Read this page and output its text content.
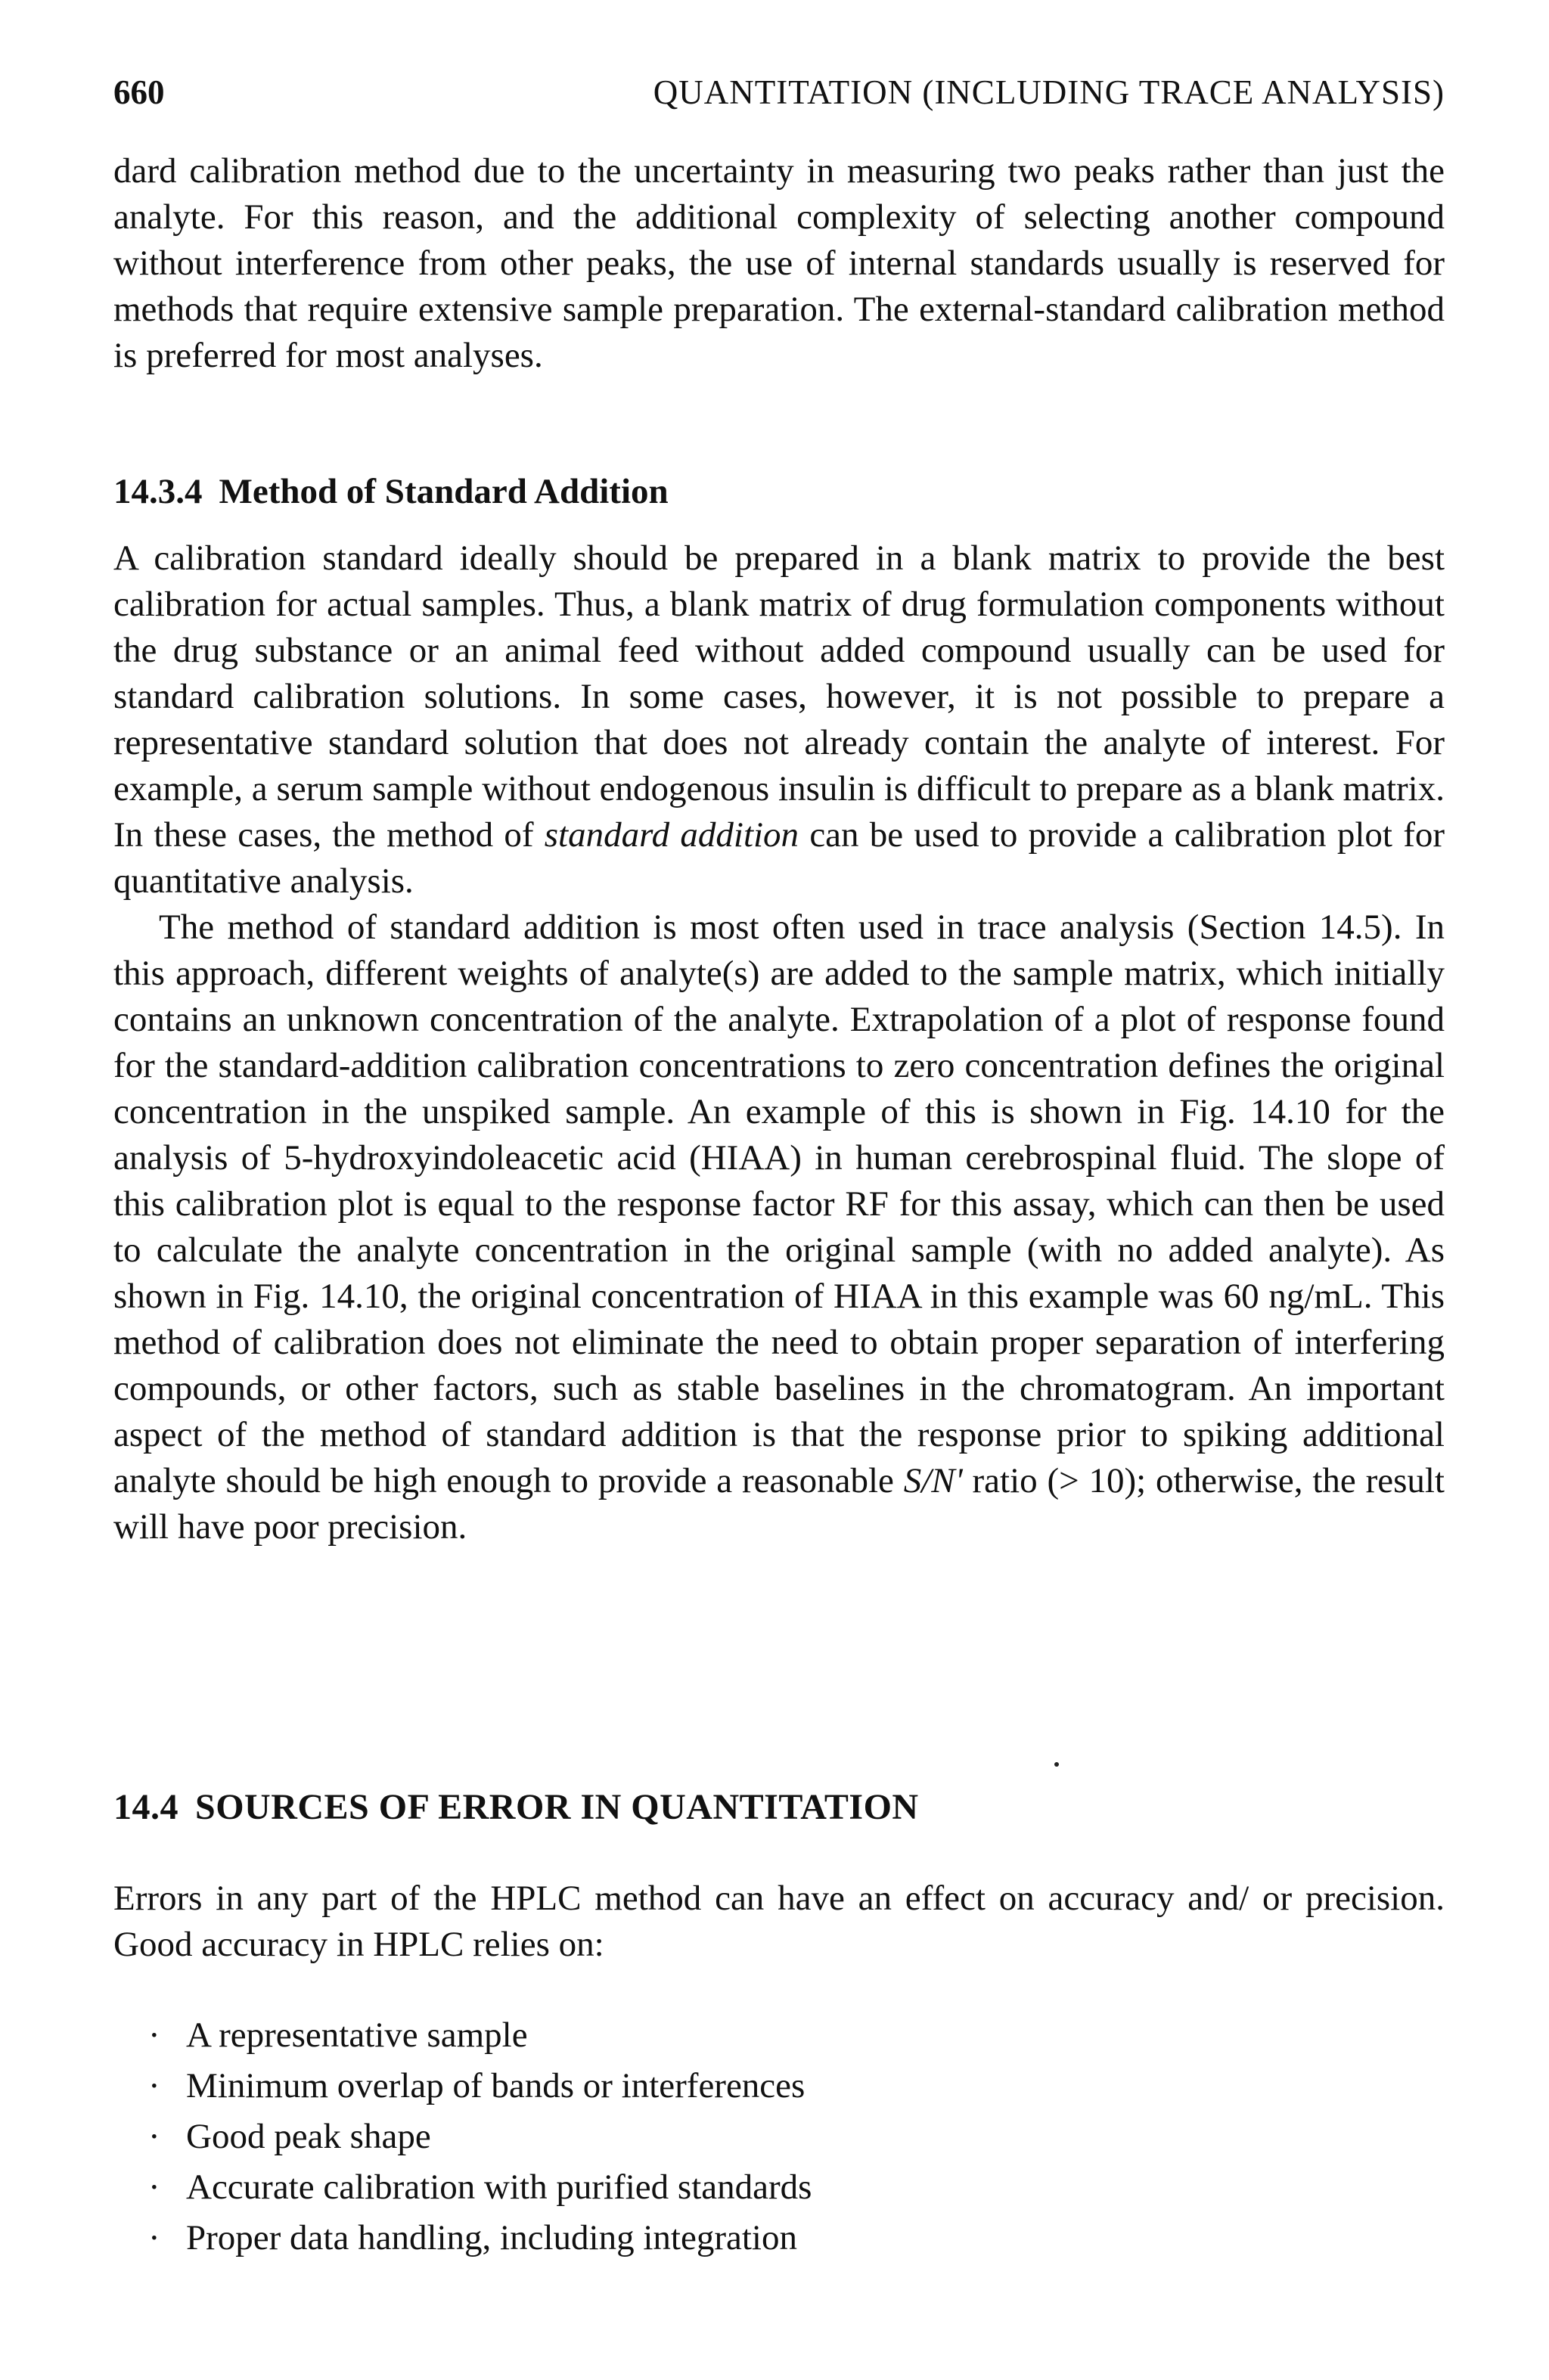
660	QUANTITATION (INCLUDING TRACE ANALYSIS)

dard calibration method due to the uncertainty in measuring two peaks rather than just the analyte. For this reason, and the additional complexity of selecting another compound without interference from other peaks, the use of internal standards usually is reserved for methods that require extensive sample preparation. The external-standard calibration method is preferred for most analyses.

14.3.4 Method of Standard Addition

A calibration standard ideally should be prepared in a blank matrix to provide the best calibration for actual samples. Thus, a blank matrix of drug formulation components without the drug substance or an animal feed without added compound usually can be used for standard calibration solutions. In some cases, however, it is not possible to prepare a representative standard solution that does not already contain the analyte of interest. For example, a serum sample without endogenous insulin is difficult to prepare as a blank matrix. In these cases, the method of standard addition can be used to provide a calibration plot for quantitative analysis.

The method of standard addition is most often used in trace analysis (Section 14.5). In this approach, different weights of analyte(s) are added to the sample matrix, which initially contains an unknown concentration of the analyte. Extrapolation of a plot of response found for the standard-addition calibration concentrations to zero concentration defines the original concentration in the unspiked sample. An example of this is shown in Fig. 14.10 for the analysis of 5-hydroxyindoleacetic acid (HIAA) in human cerebrospinal fluid. The slope of this calibration plot is equal to the response factor RF for this assay, which can then be used to calculate the analyte concentration in the original sample (with no added analyte). As shown in Fig. 14.10, the original concentration of HIAA in this example was 60 ng/mL. This method of calibration does not eliminate the need to obtain proper separation of interfering compounds, or other factors, such as stable baselines in the chromatogram. An important aspect of the method of standard addition is that the response prior to spiking additional analyte should be high enough to provide a reasonable S/N' ratio (> 10); otherwise, the result will have poor precision.

14.4 SOURCES OF ERROR IN QUANTITATION

Errors in any part of the HPLC method can have an effect on accuracy and/ or precision. Good accuracy in HPLC relies on:

· A representative sample
· Minimum overlap of bands or interferences
· Good peak shape
· Accurate calibration with purified standards
· Proper data handling, including integration
